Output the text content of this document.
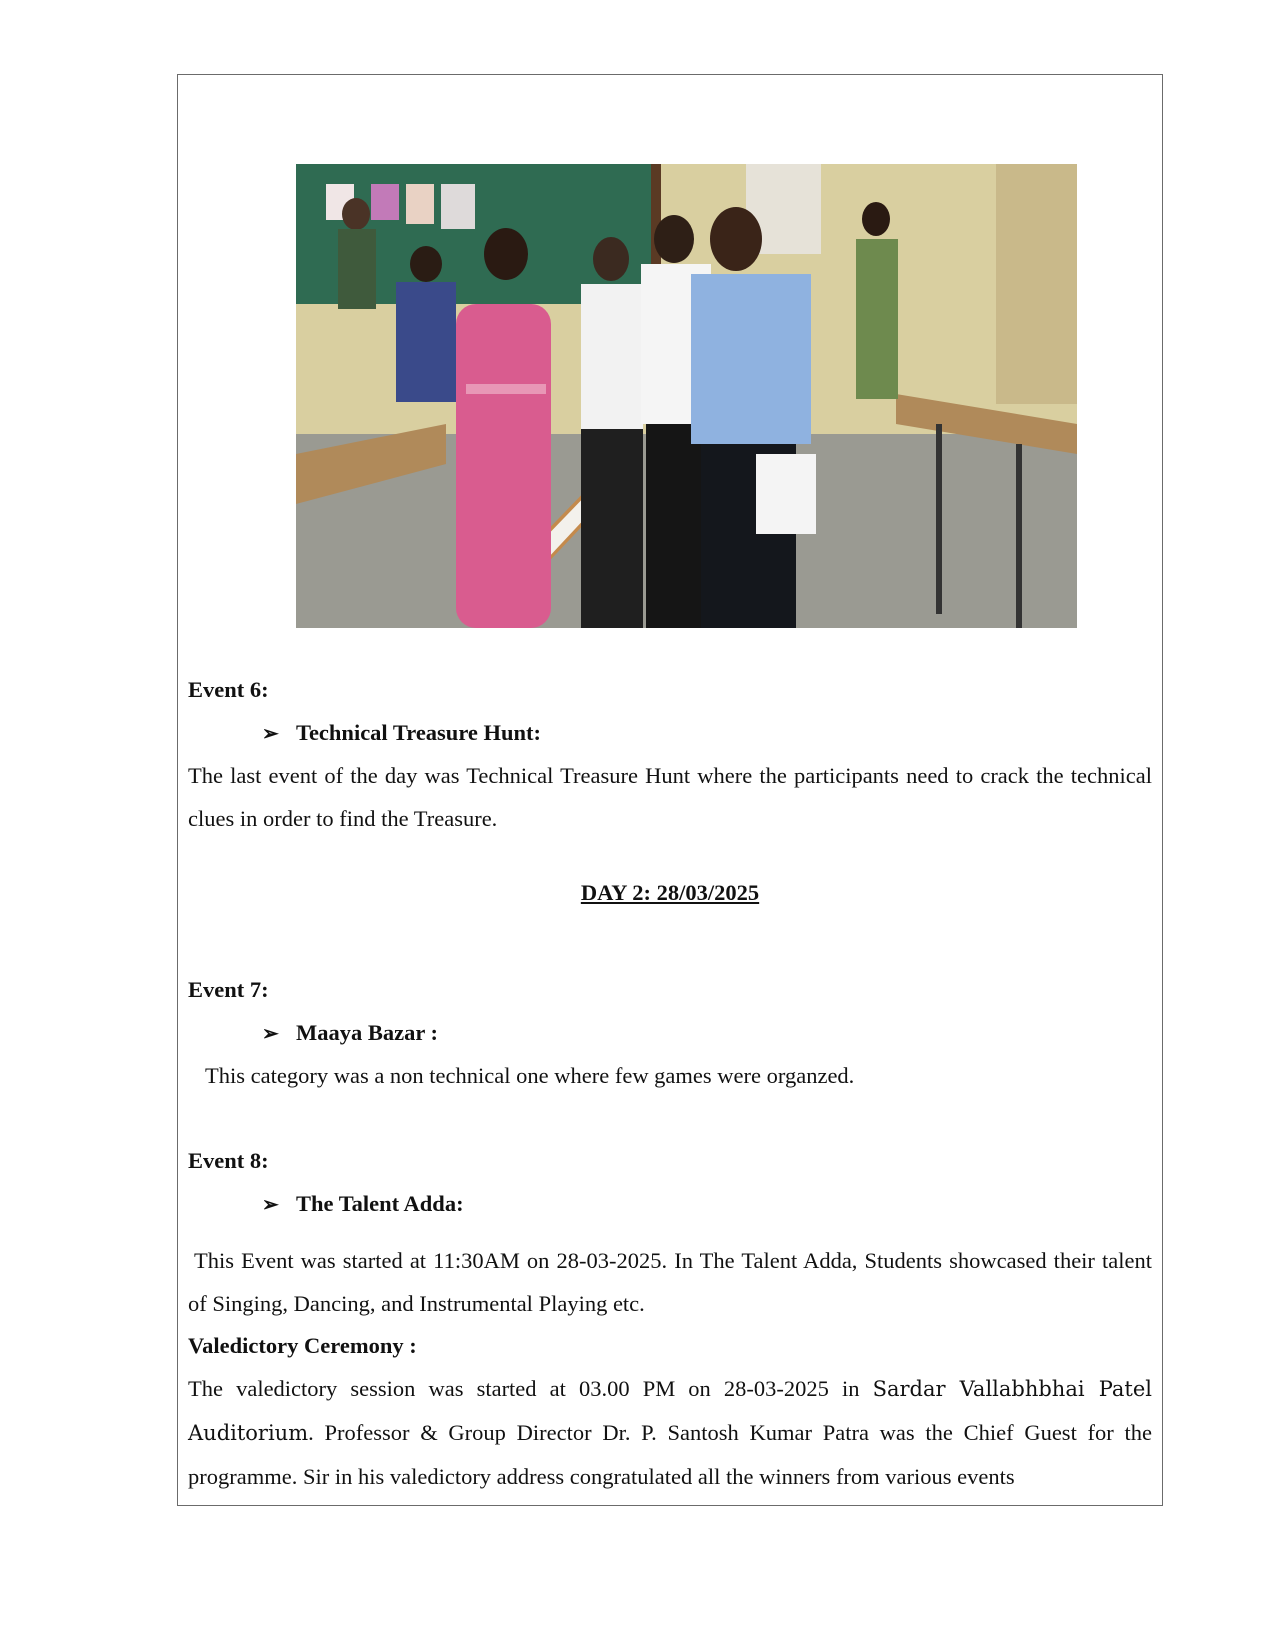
Event 6:
➢ Technical Treasure Hunt:
The last event of the day was Technical Treasure Hunt where the participants need to crack the technical clues in order to find the Treasure.
DAY 2: 28/03/2025
Event 7:
➢ Maaya Bazar :
This category was a non technical one where few games were organzed.
Event 8:
➢ The Talent Adda:
This Event was started at 11:30AM on 28-03-2025. In The Talent Adda, Students showcased their talent of Singing, Dancing, and Instrumental Playing etc.
Valedictory Ceremony :
The valedictory session was started at 03.00 PM on 28-03-2025 in Sardar Vallabhbhai Patel Auditorium. Professor & Group Director Dr. P. Santosh Kumar Patra was the Chief Guest for the programme. Sir in his valedictory address congratulated all the winners from various events
